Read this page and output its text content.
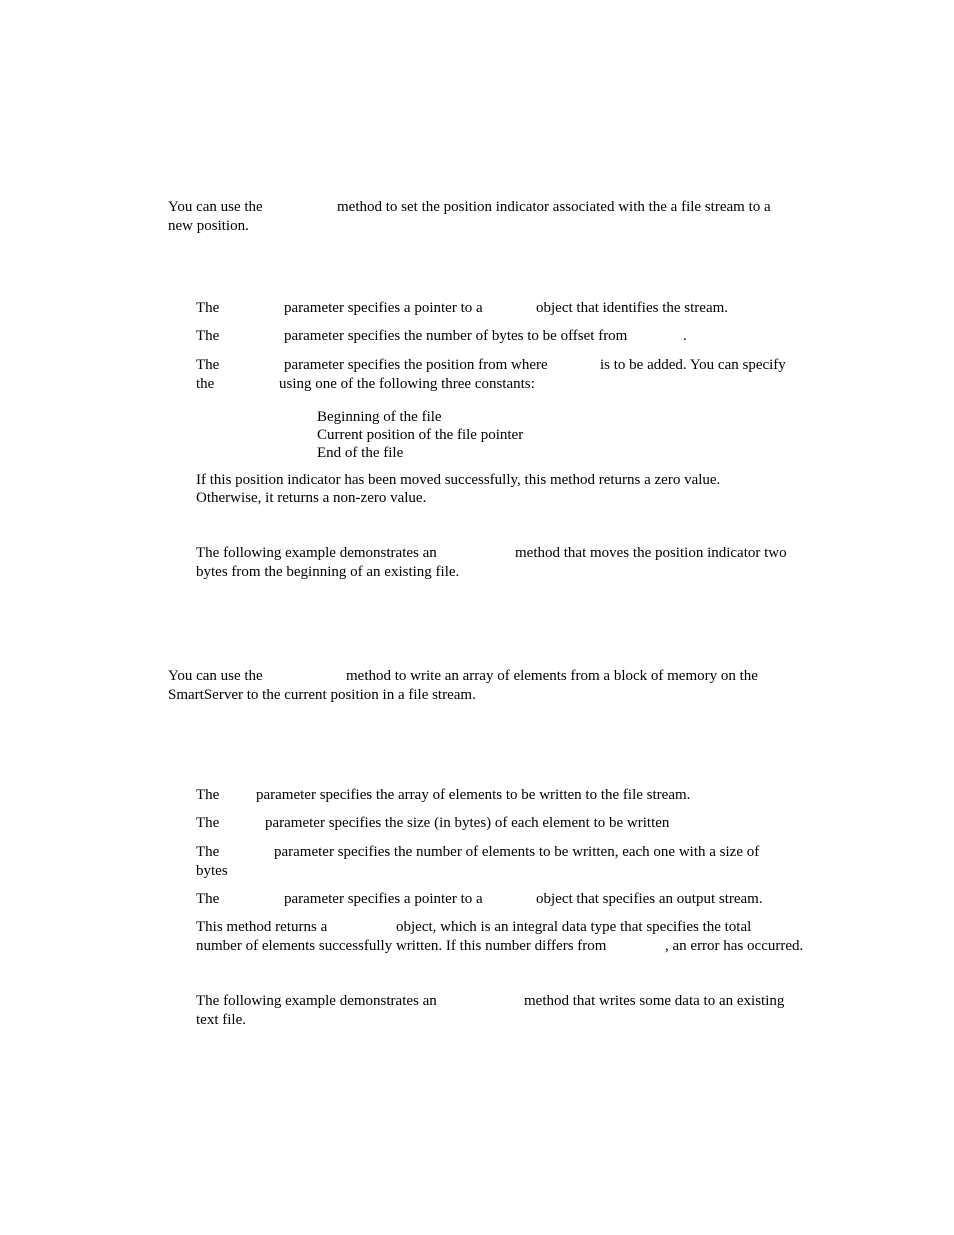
You can use the	method to set the position indicator associated with the a file stream to a
new position.
The	parameter specifies a pointer to a	object that identifies the stream.
The	parameter specifies the number of bytes to be offset from	.
The	parameter specifies the position from where	is to be added. You can specify
the	using one of the following three constants:
Beginning of the file
Current position of the file pointer
End of the file
If this position indicator has been moved successfully, this method returns a zero value.
Otherwise, it returns a non-zero value.
The following example demonstrates an	method that moves the position indicator two
bytes from the beginning of an existing file.
You can use the	method to write an array of elements from a block of memory on the
SmartServer to the current position in a file stream.
The parameter specifies the array of elements to be written to the file stream.
The	parameter specifies the size (in bytes) of each element to be written
The	parameter specifies the number of elements to be written, each one with a size of
bytes
The	parameter specifies a pointer to a	object that specifies an output stream.
This method returns a	object, which is an integral data type that specifies the total
number of elements successfully written. If this number differs from	, an error has occurred.
The following example demonstrates an	method that writes some data to an existing
text file.
